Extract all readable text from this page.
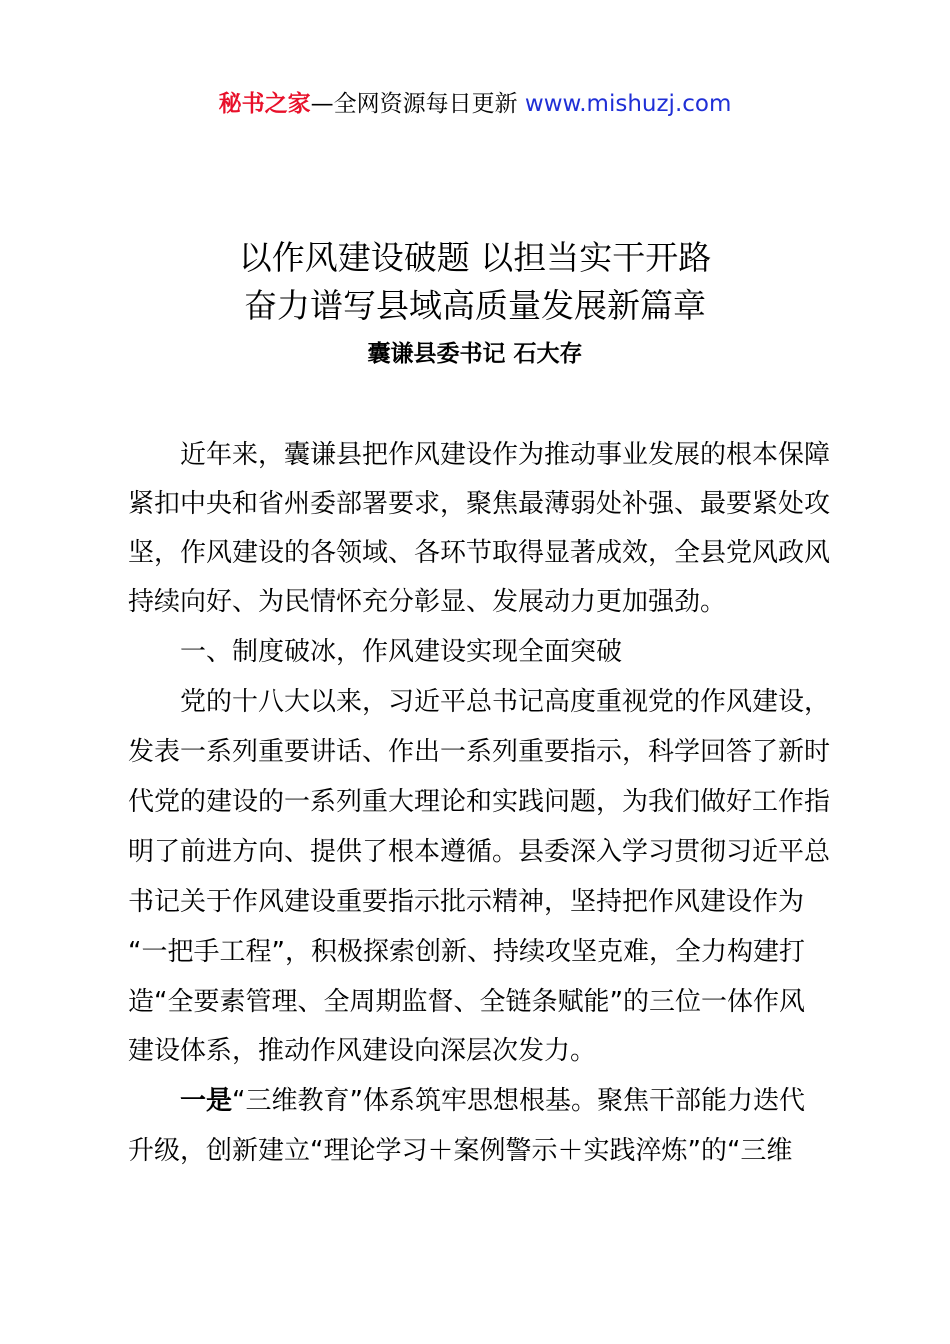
秘书之家—全网资源每日更新 www.mishuzj.com
以作风建设破题 以担当实干开路
奋力谱写县域高质量发展新篇章
囊谦县委书记 石大存
近年来，囊谦县把作风建设作为推动事业发展的根本保障
紧扣中央和省州委部署要求，聚焦最薄弱处补强、最要紧处攻
坚，作风建设的各领域、各环节取得显著成效，全县党风政风
持续向好、为民情怀充分彰显、发展动力更加强劲。
一、制度破冰，作风建设实现全面突破
党的十八大以来，习近平总书记高度重视党的作风建设，
发表一系列重要讲话、作出一系列重要指示，科学回答了新时
代党的建设的一系列重大理论和实践问题，为我们做好工作指
明了前进方向、提供了根本遵循。县委深入学习贯彻习近平总
书记关于作风建设重要指示批示精神，坚持把作风建设作为
“一把手工程”，积极探索创新、持续攻坚克难，全力构建打
造“全要素管理、全周期监督、全链条赋能”的三位一体作风
建设体系，推动作风建设向深层次发力。
一是“三维教育”体系筑牢思想根基。聚焦干部能力迭代
升级，创新建立“理论学习＋案例警示＋实践淬炼”的“三维
